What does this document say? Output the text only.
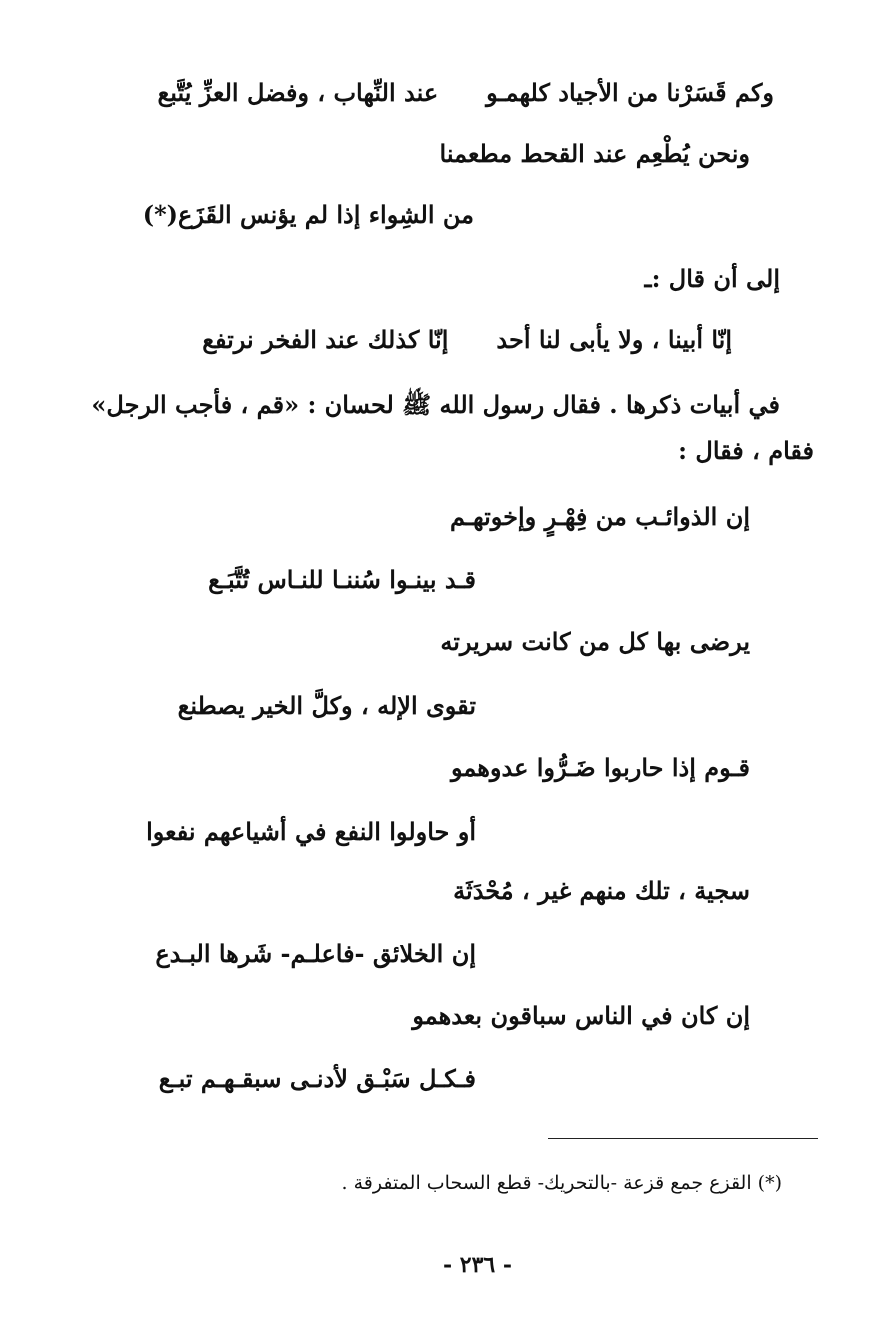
وكم قَسَرْنا من الأجياد كلهمـوعند النِّهاب ، وفضل العزِّ يُتَّبع
ونحن يُطْعِم عند القحط مطعمنا
من الشِواء إذا لم يؤنس القَزَع(*)
إلى أن قال :ـ
إنّا أبينا ، ولا يأبى لنا أحدإنّا كذلك عند الفخر نرتفع
في أبيات ذكرها . فقال رسول الله ﷺ لحسان : «قم ، فأجب الرجل»
فقام ، فقال :
إن الذوائـب من فِهْـرٍ وإخوتهـم
قـد بينـوا سُننـا للنـاس تُتَّبَـع
يرضى بها كل من كانت سريرته
تقوى الإله ، وكلَّ الخير يصطنع
قـوم إذا حاربوا ضَـرُّوا عدوهمو
أو حاولوا النفع في أشياعهم نفعوا
سجية ، تلك منهم غير ، مُحْدَثَة
إن الخلائق -فاعلـم- شَرها البـدع
إن كان في الناس سباقون بعدهمو
فـكـل سَبْـق لأدنـى سبقـهـم تبـع
(*) القزع جمع قزعة -بالتحريك- قطع السحاب المتفرقة .
- ٢٣٦ -
